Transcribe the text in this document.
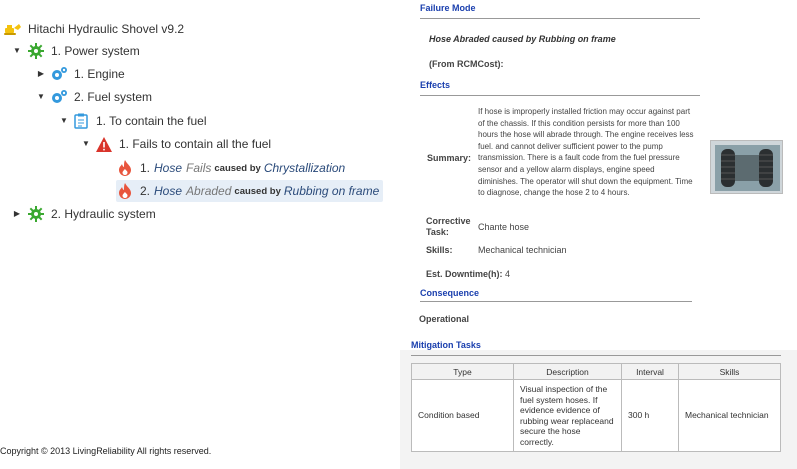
Hitachi Hydraulic Shovel v9.2
▼	1. Power system
▶ 1. Engine
▼ 2. Fuel system
▼ 1. To contain the fuel
▼ 1. Fails to contain all the fuel
1. Hose Fails caused by Chrystallization
2. Hose Abraded caused by Rubbing on frame
▶	2. Hydraulic system
Copyright © 2013 LivingReliability All rights reserved.
Failure Mode
Hose Abraded caused by Rubbing on frame
(From RCMCost):
Effects
Summary:
If hose is improperly installed friction may occur against part of the chassis. If this condition persists for more than 100 hours the hose will abrade through. The engine receives less fuel. and cannot deliver sufficient power to the pump transmission. There is a fault code from the fuel pressure sensor and a yellow alarm displays, engine speed diminishes. The operator will shut down the equipment. Time to diagnose, change the hose 2 to 4 hours.
Corrective Task:	Chante hose
Skills:	Mechanical technician
Est. Downtime(h): 4
Consequence
Operational
Mitigation Tasks
Type	Description	Interval	Skills
Condition based	Visual inspection of the fuel system hoses. If evidence evidence of rubbing wear replaceand secure the hose correctly.	300 h	Mechanical technician
